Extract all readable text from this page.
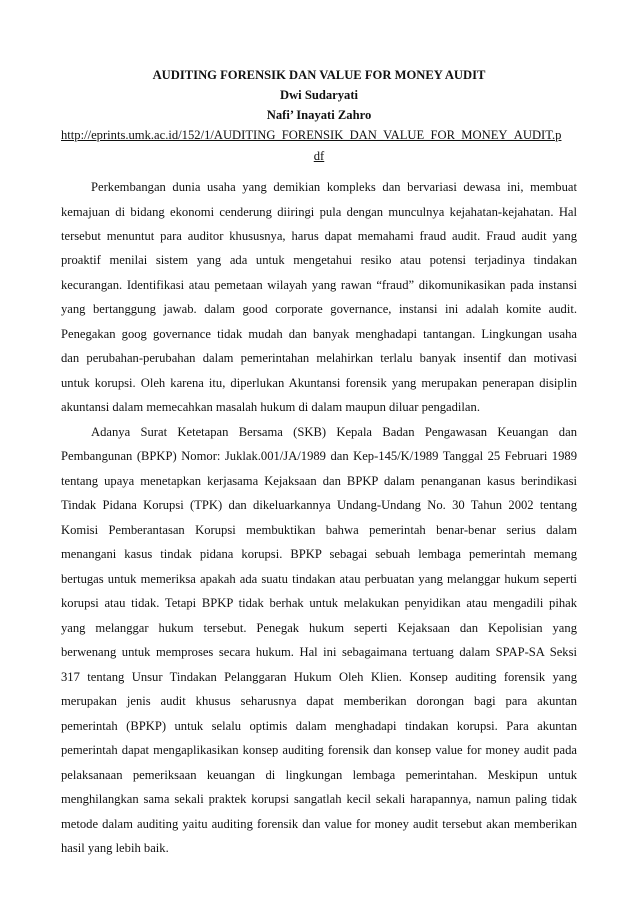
AUDITING FORENSIK DAN VALUE FOR MONEY AUDIT
Dwi Sudaryati
Nafi’ Inayati Zahro
http://eprints.umk.ac.id/152/1/AUDITING_FORENSIK_DAN_VALUE_FOR_MONEY_AUDIT.p
df
Perkembangan dunia usaha yang demikian kompleks dan bervariasi dewasa ini, membuat
kemajuan di bidang ekonomi cenderung diiringi pula dengan munculnya kejahatan-kejahatan. Hal
tersebut menuntut para auditor khususnya, harus dapat memahami fraud audit. Fraud audit yang
proaktif menilai sistem yang ada untuk mengetahui resiko atau potensi terjadinya tindakan
kecurangan. Identifikasi atau pemetaan wilayah yang rawan “fraud” dikomunikasikan pada instansi
yang bertanggung jawab. dalam good corporate governance, instansi ini adalah komite audit.
Penegakan goog governance tidak mudah dan banyak menghadapi tantangan. Lingkungan usaha
dan perubahan-perubahan dalam pemerintahan melahirkan terlalu banyak insentif dan motivasi
untuk korupsi. Oleh karena itu, diperlukan Akuntansi forensik yang merupakan penerapan disiplin
akuntansi dalam memecahkan masalah hukum di dalam maupun diluar pengadilan.
Adanya Surat Ketetapan Bersama (SKB) Kepala Badan Pengawasan Keuangan dan
Pembangunan (BPKP) Nomor: Juklak.001/JA/1989 dan Kep-145/K/1989 Tanggal 25 Februari 1989
tentang upaya menetapkan kerjasama Kejaksaan dan BPKP dalam penanganan kasus berindikasi
Tindak Pidana Korupsi (TPK) dan dikeluarkannya Undang-Undang No. 30 Tahun 2002 tentang
Komisi Pemberantasan Korupsi membuktikan bahwa pemerintah benar-benar serius dalam
menangani kasus tindak pidana korupsi. BPKP sebagai sebuah lembaga pemerintah memang
bertugas untuk memeriksa apakah ada suatu tindakan atau perbuatan yang melanggar hukum seperti
korupsi atau tidak. Tetapi BPKP tidak berhak untuk melakukan penyidikan atau mengadili pihak
yang melanggar hukum tersebut. Penegak hukum seperti Kejaksaan dan Kepolisian yang
berwenang untuk memproses secara hukum. Hal ini sebagaimana tertuang dalam SPAP-SA Seksi
317 tentang Unsur Tindakan Pelanggaran Hukum Oleh Klien. Konsep auditing forensik yang
merupakan jenis audit khusus seharusnya dapat memberikan dorongan bagi para akuntan
pemerintah (BPKP) untuk selalu optimis dalam menghadapi tindakan korupsi. Para akuntan
pemerintah dapat mengaplikasikan konsep auditing forensik dan konsep value for money audit pada
pelaksanaan pemeriksaan keuangan di lingkungan lembaga pemerintahan. Meskipun untuk
menghilangkan sama sekali praktek korupsi sangatlah kecil sekali harapannya, namun paling tidak
metode dalam auditing yaitu auditing forensik dan value for money audit tersebut akan memberikan
hasil yang lebih baik.
